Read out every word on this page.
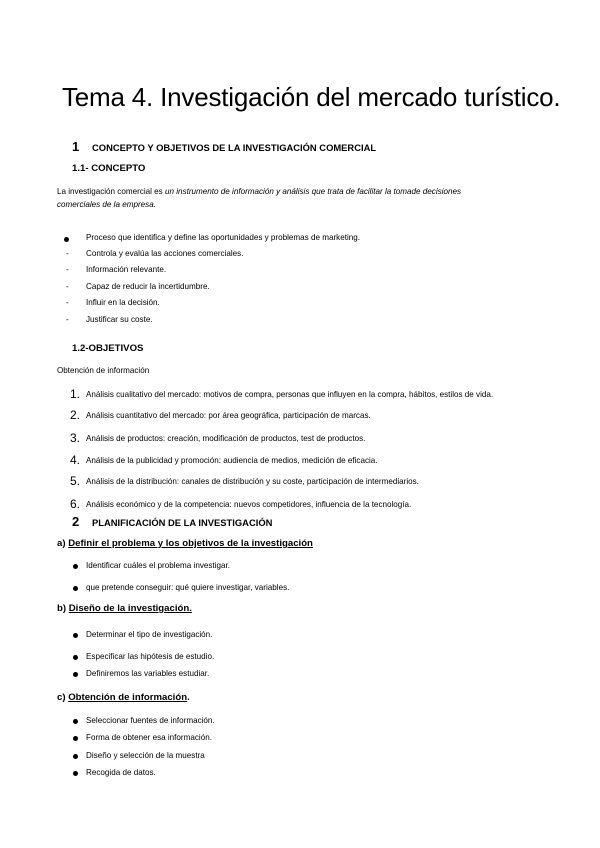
Tema 4. Investigación del mercado turístico.
1 CONCEPTO Y OBJETIVOS DE LA INVESTIGACIÓN COMERCIAL
1.1- CONCEPTO
La investigación comercial es un instrumento de información y análisis que trata de facilitar la tomade decisiones
comerciales de la empresa.
Proceso que identifica y define las oportunidades y problemas de marketing.
- Controla y evalúa las acciones comerciales.
- Información relevante.
- Capaz de reducir la incertidumbre.
- Influir en la decisión.
- Justificar su coste.
1.2-OBJETIVOS
Obtención de información
1. Análisis cualitativo del mercado: motivos de compra, personas que influyen en la compra, hábitos, estilos de vida.
2. Análisis cuantitativo del mercado: por área geográfica, participación de marcas.
3. Análisis de productos: creación, modificación de productos, test de productos.
4. Análisis de la publicidad y promoción: audiencia de medios, medición de eficacia.
5. Análisis de la distribución: canales de distribución y su coste, participación de intermediarios.
6. Análisis económico y de la competencia: nuevos competidores, influencia de la tecnología.
2 PLANIFICACIÓN DE LA INVESTIGACIÓN
a) Definir el problema y los objetivos de la investigación
Identificar cuáles el problema investigar.
que pretende conseguir: qué quiere investigar, variables.
b) Diseño de la investigación.
Determinar el tipo de investigación.
Especificar las hipótesis de estudio.
Definiremos las variables estudiar.
c) Obtención de información.
Seleccionar fuentes de información.
Forma de obtener esa información.
Diseño y selección de la muestra
Recogida de datos.
